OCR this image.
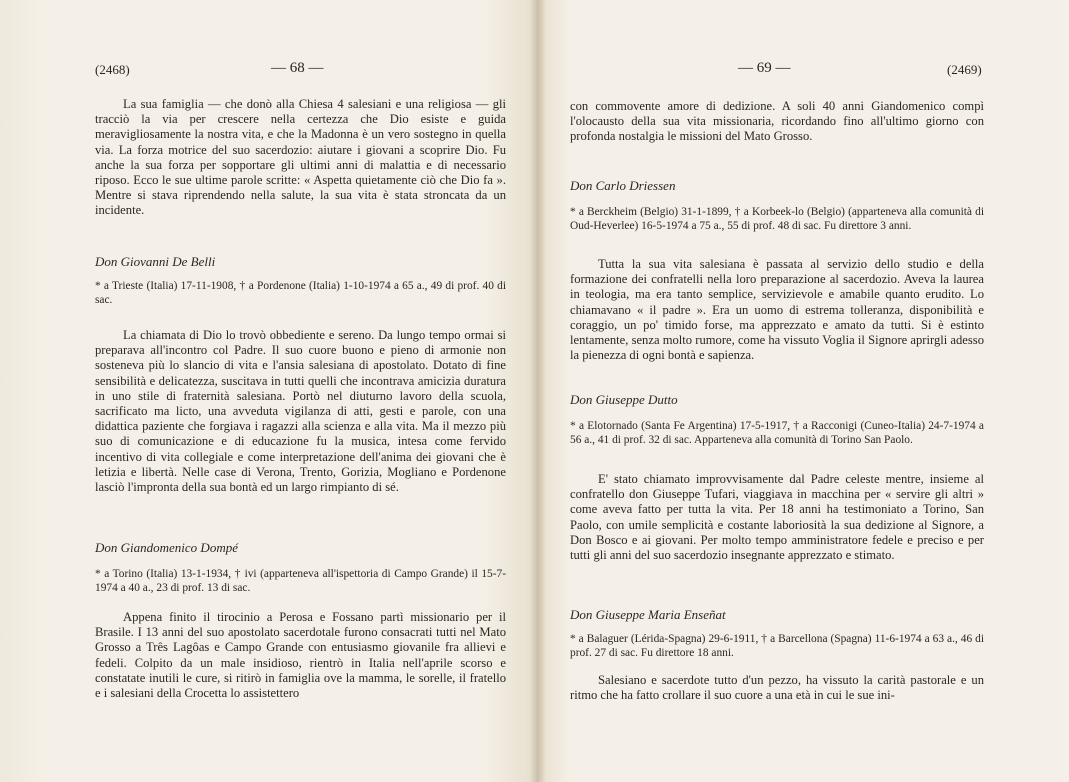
(2468)	— 68 —
La sua famiglia — che donò alla Chiesa 4 salesiani e una religiosa — gli tracciò la via per crescere nella certezza che Dio esiste e guida meravigliosamente la nostra vita, e che la Madonna è un vero sostegno in quella via. La forza motrice del suo sacerdozio: aiutare i giovani a scoprire Dio. Fu anche la sua forza per sopportare gli ultimi anni di malattia e di necessario riposo. Ecco le sue ultime parole scritte: « Aspetta quietamente ciò che Dio fa ». Mentre si stava riprendendo nella salute, la sua vita è stata stroncata da un incidente.
Don Giovanni De Belli
* a Trieste (Italia) 17-11-1908, † a Pordenone (Italia) 1-10-1974 a 65 a., 49 di prof. 40 di sac.
La chiamata di Dio lo trovò obbediente e sereno. Da lungo tempo ormai si preparava all'incontro col Padre. Il suo cuore buono e pieno di armonie non sosteneva più lo slancio di vita e l'ansia salesiana di apostolato. Dotato di fine sensibilità e delicatezza, suscitava in tutti quelli che incontrava amicizia duratura in uno stile di fraternità salesiana. Portò nel diuturno lavoro della scuola, sacrificato ma licto, una avveduta vigilanza di atti, gesti e parole, con una didattica paziente che forgiava i ragazzi alla scienza e alla vita. Ma il mezzo più suo di comunicazione e di educazione fu la musica, intesa come fervido incentivo di vita collegiale e come interpretazione dell'anima dei giovani che è letizia e libertà. Nelle case di Verona, Trento, Gorizia, Mogliano e Pordenone lasciò l'impronta della sua bontà ed un largo rimpianto di sé.
Don Giandomenico Dompé
* a Torino (Italia) 13-1-1934, † ivi (apparteneva all'ispettoria di Campo Grande) il 15-7-1974 a 40 a., 23 di prof. 13 di sac.
Appena finito il tirocinio a Perosa e Fossano partì missionario per il Brasile. I 13 anni del suo apostolato sacerdotale furono consacrati tutti nel Mato Grosso a Três Lagôas e Campo Grande con entusiasmo giovanile fra allievi e fedeli. Colpito da un male insidioso, rientrò in Italia nell'aprile scorso e constatate inutili le cure, si ritirò in famiglia ove la mamma, le sorelle, il fratello e i salesiani della Crocetta lo assistettero
— 69 —	(2469)
con commovente amore di dedizione. A soli 40 anni Giandomenico compì l'olocausto della sua vita missionaria, ricordando fino all'ultimo giorno con profonda nostalgia le missioni del Mato Grosso.
Don Carlo Driessen
* a Berckheim (Belgio) 31-1-1899, † a Korbeek-lo (Belgio) (apparteneva alla comunità di Oud-Heverlee) 16-5-1974 a 75 a., 55 di prof. 48 di sac. Fu direttore 3 anni.
Tutta la sua vita salesiana è passata al servizio dello studio e della formazione dei confratelli nella loro preparazione al sacerdozio. Aveva la laurea in teologia, ma era tanto semplice, servizievole e amabile quanto erudito. Lo chiamavano « il padre ». Era un uomo di estrema tolleranza, disponibilità e coraggio, un po' timido forse, ma apprezzato e amato da tutti. Si è estinto lentamente, senza molto rumore, come ha vissuto Voglia il Signore aprirgli adesso la pienezza di ogni bontà e sapienza.
Don Giuseppe Dutto
* a Elotornado (Santa Fe Argentina) 17-5-1917, † a Racconigi (Cuneo-Italia) 24-7-1974 a 56 a., 41 di prof. 32 di sac. Apparteneva alla comunità di Torino San Paolo.
E' stato chiamato improvvisamente dal Padre celeste mentre, insieme al confratello don Giuseppe Tufari, viaggiava in macchina per « servire gli altri » come aveva fatto per tutta la vita. Per 18 anni ha testimoniato a Torino, San Paolo, con umile semplicità e costante laboriosità la sua dedizione al Signore, a Don Bosco e ai giovani. Per molto tempo amministratore fedele e preciso e per tutti gli anni del suo sacerdozio insegnante apprezzato e stimato.
Don Giuseppe Maria Enseñat
* a Balaguer (Lérida-Spagna) 29-6-1911, † a Barcellona (Spagna) 11-6-1974 a 63 a., 46 di prof. 27 di sac. Fu direttore 18 anni.
Salesiano e sacerdote tutto d'un pezzo, ha vissuto la carità pastorale e un ritmo che ha fatto crollare il suo cuore a una età in cui le sue ini-
